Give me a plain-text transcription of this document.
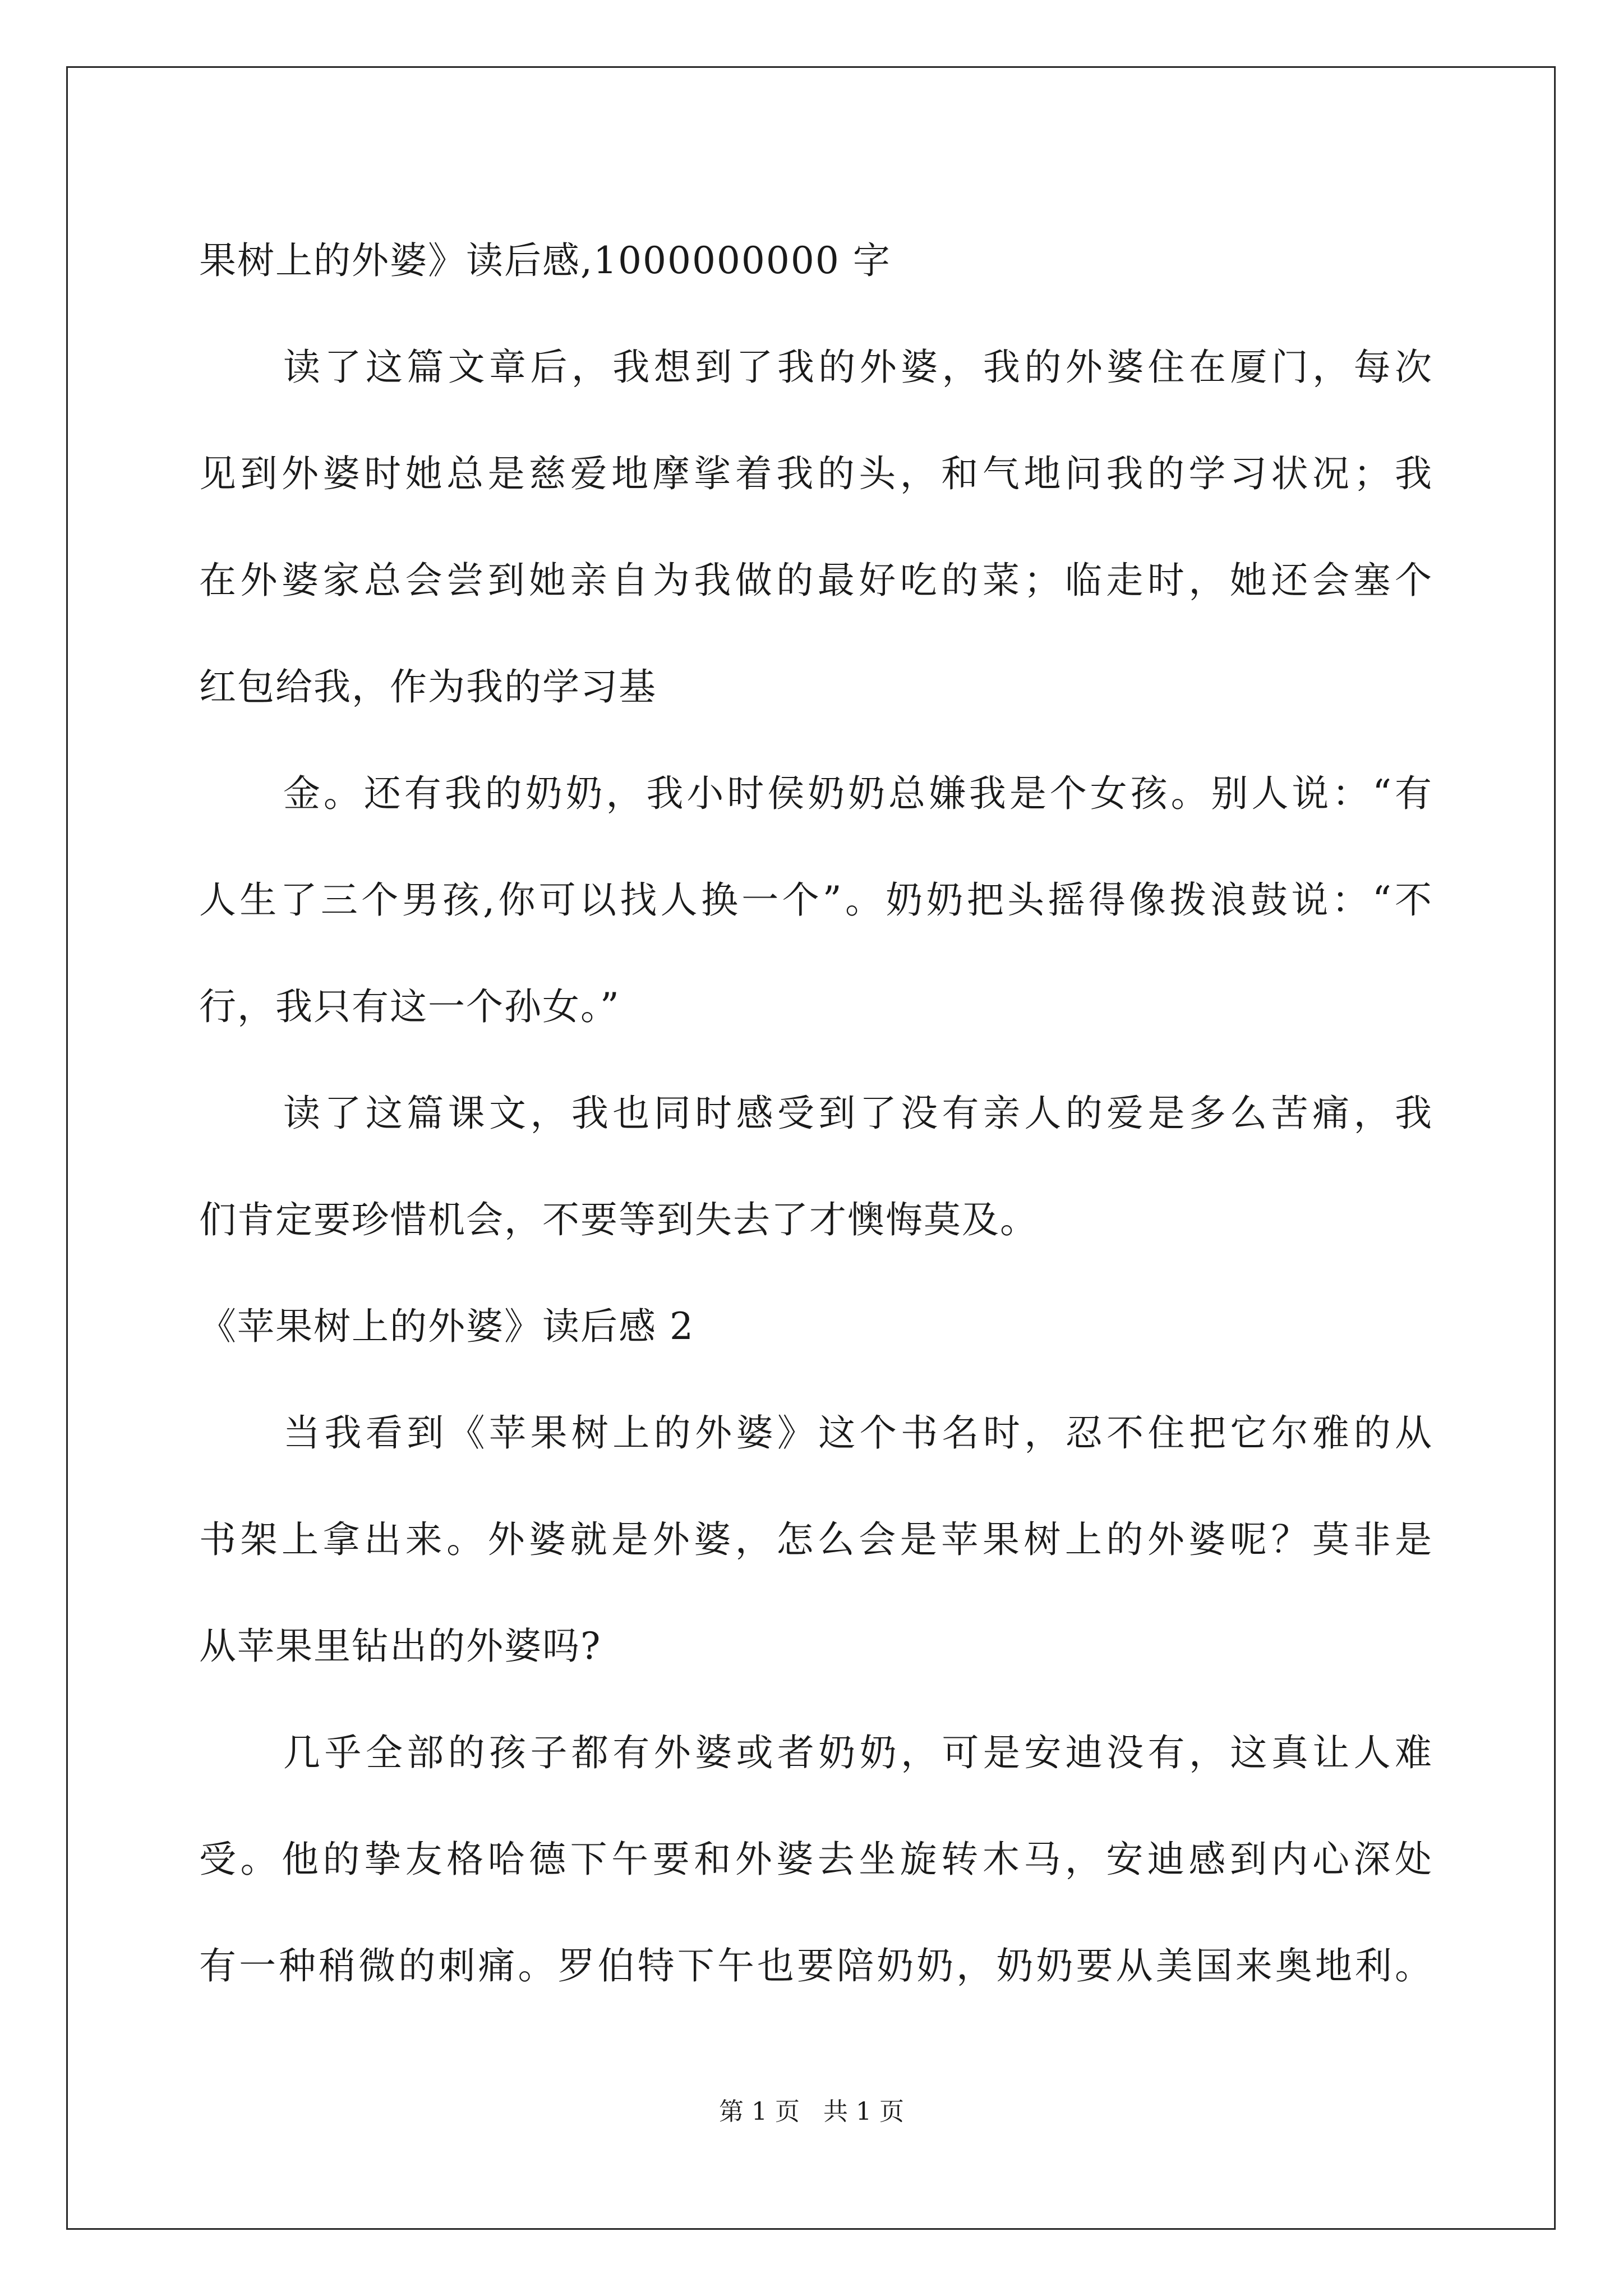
果树上的外婆》读后感,1000000000 字
读了这篇文章后，我想到了我的外婆，我的外婆住在厦门，每次
见到外婆时她总是慈爱地摩挲着我的头，和气地问我的学习状况；我
在外婆家总会尝到她亲自为我做的最好吃的菜；临走时，她还会塞个
红包给我，作为我的学习基
金。还有我的奶奶，我小时侯奶奶总嫌我是个女孩。别人说：“有
人生了三个男孩,你可以找人换一个”。奶奶把头摇得像拨浪鼓说：“不
行，我只有这一个孙女。”
读了这篇课文，我也同时感受到了没有亲人的爱是多么苦痛，我
们肯定要珍惜机会，不要等到失去了才懊悔莫及。
《苹果树上的外婆》读后感 2
当我看到《苹果树上的外婆》这个书名时，忍不住把它尔雅的从
书架上拿出来。外婆就是外婆，怎么会是苹果树上的外婆呢？莫非是
从苹果里钻出的外婆吗?
几乎全部的孩子都有外婆或者奶奶，可是安迪没有，这真让人难
受。他的挚友格哈德下午要和外婆去坐旋转木马，安迪感到内心深处
有一种稍微的刺痛。罗伯特下午也要陪奶奶，奶奶要从美国来奥地利。
第 1 页   共 1 页
